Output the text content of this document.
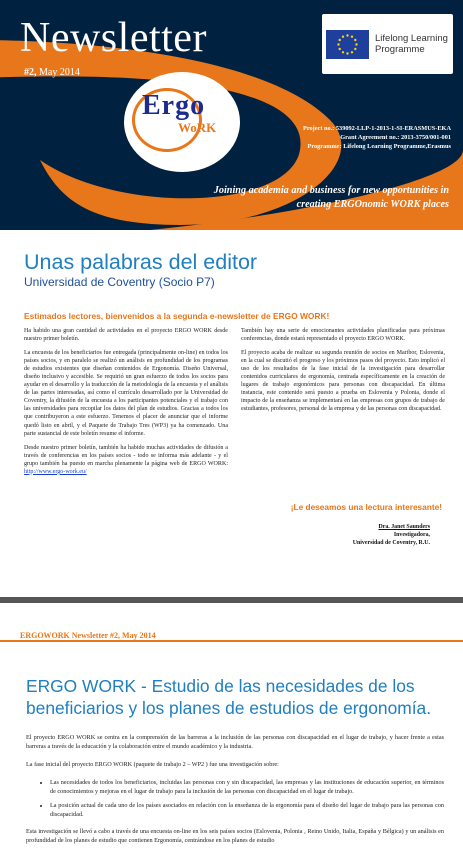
Newsletter
#2, May 2014
Ergo
WoRK
Lifelong Learning Programme
Project no.: 539092-LLP-1-2013-1-SI-ERASMUS-EKA
Grant Agreement no.: 2013-3750/001-001
Programme: Lifelong Learning Programme,Erasmus
Joining academia and business for new opportunities in creating ERGOnomic WORK places
Unas palabras del editor
Universidad de Coventry (Socio P7)
Estimados lectores, bienvenidos a la segunda e-newsletter de ERGO WORK!

Ha habido una gran cantidad de actividades en el proyecto ERGO WORK desde nuestro primer boletín.

La encuesta de los beneficiarios fue entregada (principalmente on-line) en todos los países socios, y en paralelo se realizó un análisis en profundidad de los programas de estudios existentes que diseñan contenidos de Ergonomía. Diseño Universal, diseño inclusivo y accesible. Se requirió un gran esfuerzo de todos los socios para ayudar en el desarrollo y la traducción de la metodología de la encuesta y el análisis de las partes interesadas, así como el currículo desarrollado por la Universidad de Coventry, la difusión de la encuesta a los participantes potenciales y el trabajo con las universidades para recopilar los datos del plan de estudios. Gracias a todos los que contribuyeron a este esfuerzo. Tenemos el placer de anunciar que el informe quedó listo en abril, y el Paquete de Trabajo Tres (WP3) ya ha comenzado. Una parte sustancial de este boletín resume el informe.

Desde nuestro primer boletín, también ha habido muchas actividades de difusión a través de conferencias en los países socios - todo se informa más adelante - y el grupo también ha puesto en marcha plenamente la página web de ERGO WORK: http://www.ergo-work.eu/

También hay una serie de emocionantes actividades planificadas para próximas conferencias, donde estará representado el proyecto ERGO WORK.

El proyecto acaba de realizar su segunda reunión de socios en Maribor, Eslovenia, en la cual se discutió el progreso y los próximos pasos del proyecto. Esto implicó el uso de los resultados de la fase inicial de la investigación para desarrollar contenidos curriculares de ergonomía, centrada específicamente en la creación de lugares de trabajo ergonómicos para personas con discapacidad. En última instancia, este contenido será puesto a prueba en Eslovenia y Polonia, donde el impacto de la enseñanza se implementará en las empresas con grupos de trabajo de estudiantes, profesores, personal de la empresa y de las personas con discapacidad.

¡Le deseamos una lectura interesante!
Dra. Janet Saunders
Investigadora,
Universidad de Coventry, R.U.
ERGOWORK Newsletter #2, May 2014
ERGO WORK - Estudio de las necesidades de los beneficiarios y los planes de estudios de ergonomía.

El proyecto ERGO WORK se centra en la comprensión de las barreras a la inclusión de las personas con discapacidad en el lugar de trabajo, y hacer frente a estas barreras a través de la educación y la colaboración entre el mundo académico y la industria.

La fase inicial del proyecto ERGO WORK (paquete de trabajo 2 – WP2 ) fue una investigación sobre:

• Las necesidades de todos los beneficiarios, incluidas las personas con y sin discapacidad, las empresas y las instituciones de educación superior, en términos de conocimientos y mejoras en el lugar de trabajo para la inclusión de las personas con discapacidad en el lugar de trabajo.
• La posición actual de cada uno de los países asociados en relación con la enseñanza de la ergonomía para el diseño del lugar de trabajo para las personas con discapacidad.

Esta investigación se llevó a cabo a través de una encuesta on-line en los seis países socios (Eslovenia, Polonia , Reino Unido, Italia, España y Bélgica) y un análisis en profundidad de los planes de estudio que contienen Ergonomía, centrándose en los planes de estudio
